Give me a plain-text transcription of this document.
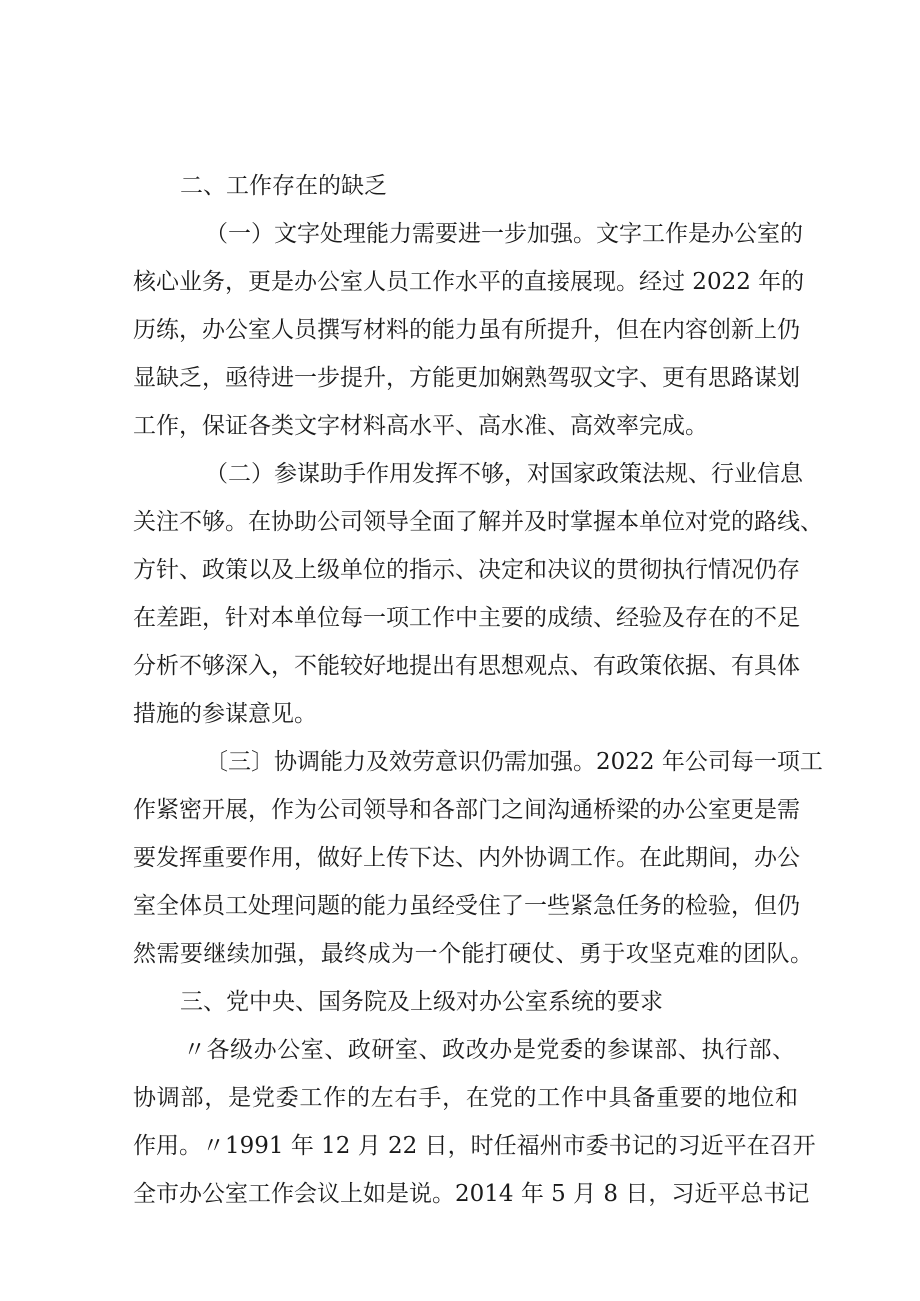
二、工作存在的缺乏
（一）文字处理能力需要进一步加强。文字工作是办公室的
核心业务，更是办公室人员工作水平的直接展现。经过 2022 年的
历练，办公室人员撰写材料的能力虽有所提升，但在内容创新上仍
显缺乏，亟待进一步提升，方能更加娴熟驾驭文字、更有思路谋划
工作，保证各类文字材料高水平、高水准、高效率完成。
（二）参谋助手作用发挥不够，对国家政策法规、行业信息
关注不够。在协助公司领导全面了解并及时掌握本单位对党的路线、
方针、政策以及上级单位的指示、决定和决议的贯彻执行情况仍存
在差距，针对本单位每一项工作中主要的成绩、经验及存在的不足
分析不够深入，不能较好地提出有思想观点、有政策依据、有具体
措施的参谋意见。
〔三〕协调能力及效劳意识仍需加强。2022 年公司每一项工
作紧密开展，作为公司领导和各部门之间沟通桥梁的办公室更是需
要发挥重要作用，做好上传下达、内外协调工作。在此期间，办公
室全体员工处理问题的能力虽经受住了一些紧急任务的检验，但仍
然需要继续加强，最终成为一个能打硬仗、勇于攻坚克难的团队。
三、党中央、国务院及上级对办公室系统的要求
〃各级办公室、政研室、政改办是党委的参谋部、执行部、
协调部，是党委工作的左右手，在党的工作中具备重要的地位和
作用。〃1991 年 12 月 22 日，时任福州市委书记的习近平在召开
全市办公室工作会议上如是说。2014 年 5 月 8 日，习近平总书记
